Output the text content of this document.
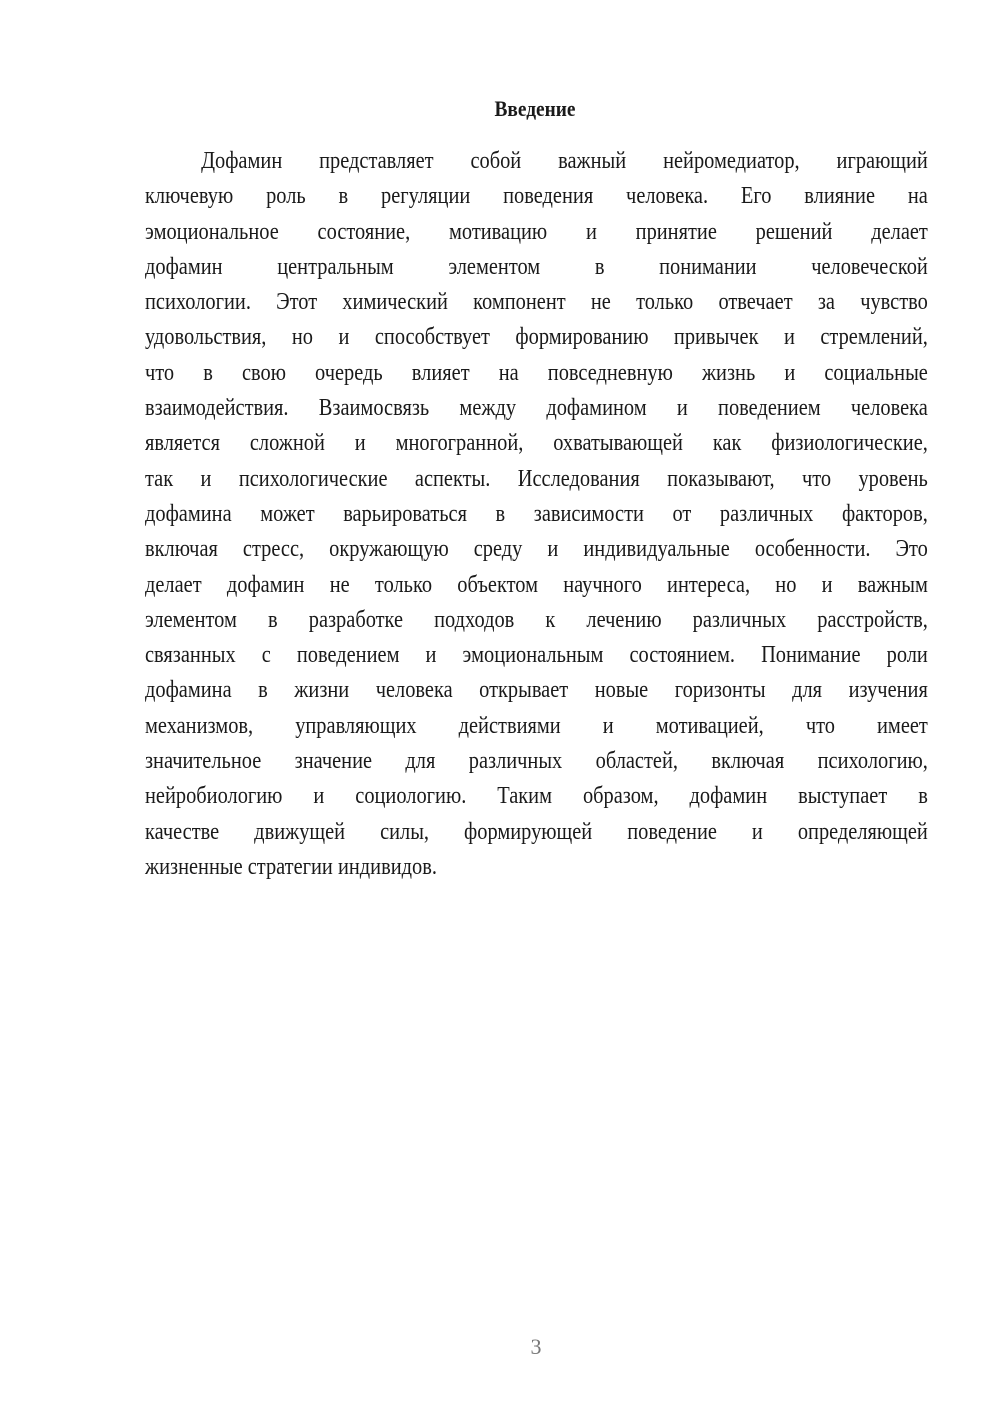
Введение
Дофамин представляет собой важный нейромедиатор, играющий
ключевую роль в регуляции поведения человека. Его влияние на
эмоциональное состояние, мотивацию и принятие решений делает
дофамин центральным элементом в понимании человеческой
психологии. Этот химический компонент не только отвечает за чувство
удовольствия, но и способствует формированию привычек и стремлений,
что в свою очередь влияет на повседневную жизнь и социальные
взаимодействия. Взаимосвязь между дофамином и поведением человека
является сложной и многогранной, охватывающей как физиологические,
так и психологические аспекты. Исследования показывают, что уровень
дофамина может варьироваться в зависимости от различных факторов,
включая стресс, окружающую среду и индивидуальные особенности. Это
делает дофамин не только объектом научного интереса, но и важным
элементом в разработке подходов к лечению различных расстройств,
связанных с поведением и эмоциональным состоянием. Понимание роли
дофамина в жизни человека открывает новые горизонты для изучения
механизмов, управляющих действиями и мотивацией, что имеет
значительное значение для различных областей, включая психологию,
нейробиологию и социологию. Таким образом, дофамин выступает в
качестве движущей силы, формирующей поведение и определяющей
жизненные стратегии индивидов.
3
